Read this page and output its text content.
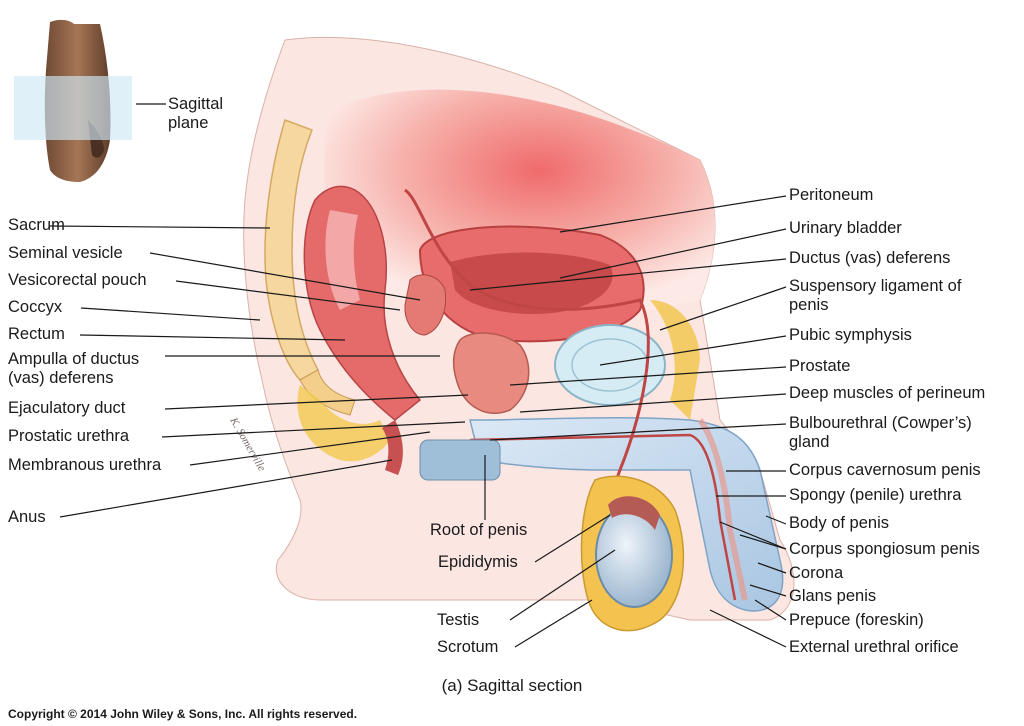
K. Somerville
Sagittal plane
Sacrum
Seminal vesicle
Vesicorectal pouch
Coccyx
Rectum
Ampulla of ductus (vas) deferens
Ejaculatory duct
Prostatic urethra
Membranous urethra
Anus
Peritoneum
Urinary bladder
Ductus (vas) deferens
Suspensory ligament of penis
Pubic symphysis
Prostate
Deep muscles of perineum
Bulbourethral (Cowper’s) gland
Corpus cavernosum penis
Spongy (penile) urethra
Body of penis
Corpus spongiosum penis
Corona
Glans penis
Prepuce (foreskin)
External urethral orifice
Root of penis
Epididymis
Testis
Scrotum
(a) Sagittal section
Copyright © 2014 John Wiley & Sons, Inc. All rights reserved.
